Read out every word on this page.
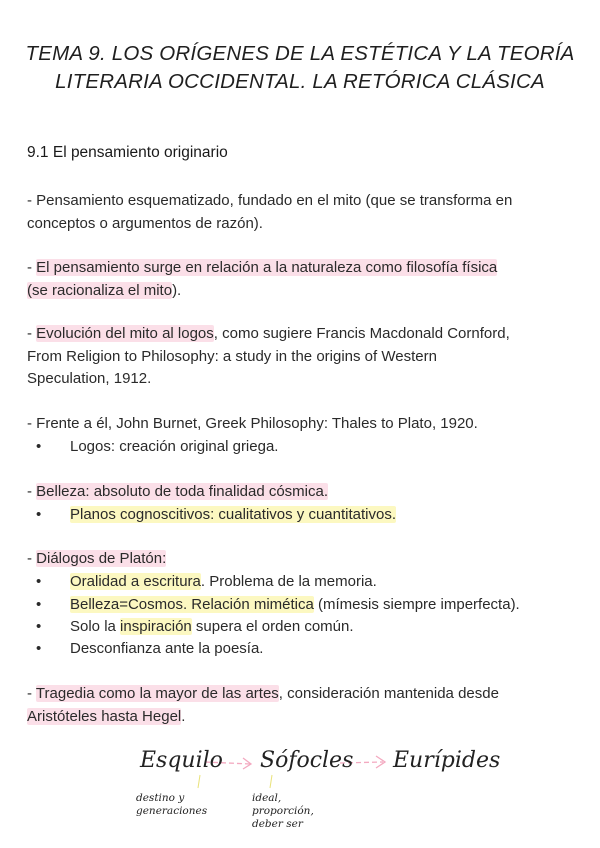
TEMA 9. LOS ORÍGENES DE LA ESTÉTICA Y LA TEORÍA
LITERARIA OCCIDENTAL. LA RETÓRICA CLÁSICA
9.1 El pensamiento originario
- Pensamiento esquematizado, fundado en el mito (que se transforma en
conceptos o argumentos de razón).
- El pensamiento surge en relación a la naturaleza como filosofía física
(se racionaliza el mito).
- Evolución del mito al logos, como sugiere Francis Macdonald Cornford,
From Religion to Philosophy: a study in the origins of Western
Speculation, 1912.
- Frente a él, John Burnet, Greek Philosophy: Thales to Plato, 1920.
• Logos: creación original griega.
- Belleza: absoluto de toda finalidad cósmica.
• Planos cognoscitivos: cualitativos y cuantitativos.
- Diálogos de Platón:
• Oralidad a escritura. Problema de la memoria.
• Belleza=Cosmos. Relación mimética (mímesis siempre imperfecta).
• Solo la inspiración supera el orden común.
• Desconfianza ante la poesía.
- Tragedia como la mayor de las artes, consideración mantenida desde
Aristóteles hasta Hegel.
Esquilo Sófocles Eurípides
destino y generaciones
ideal, proporción, deber ser
